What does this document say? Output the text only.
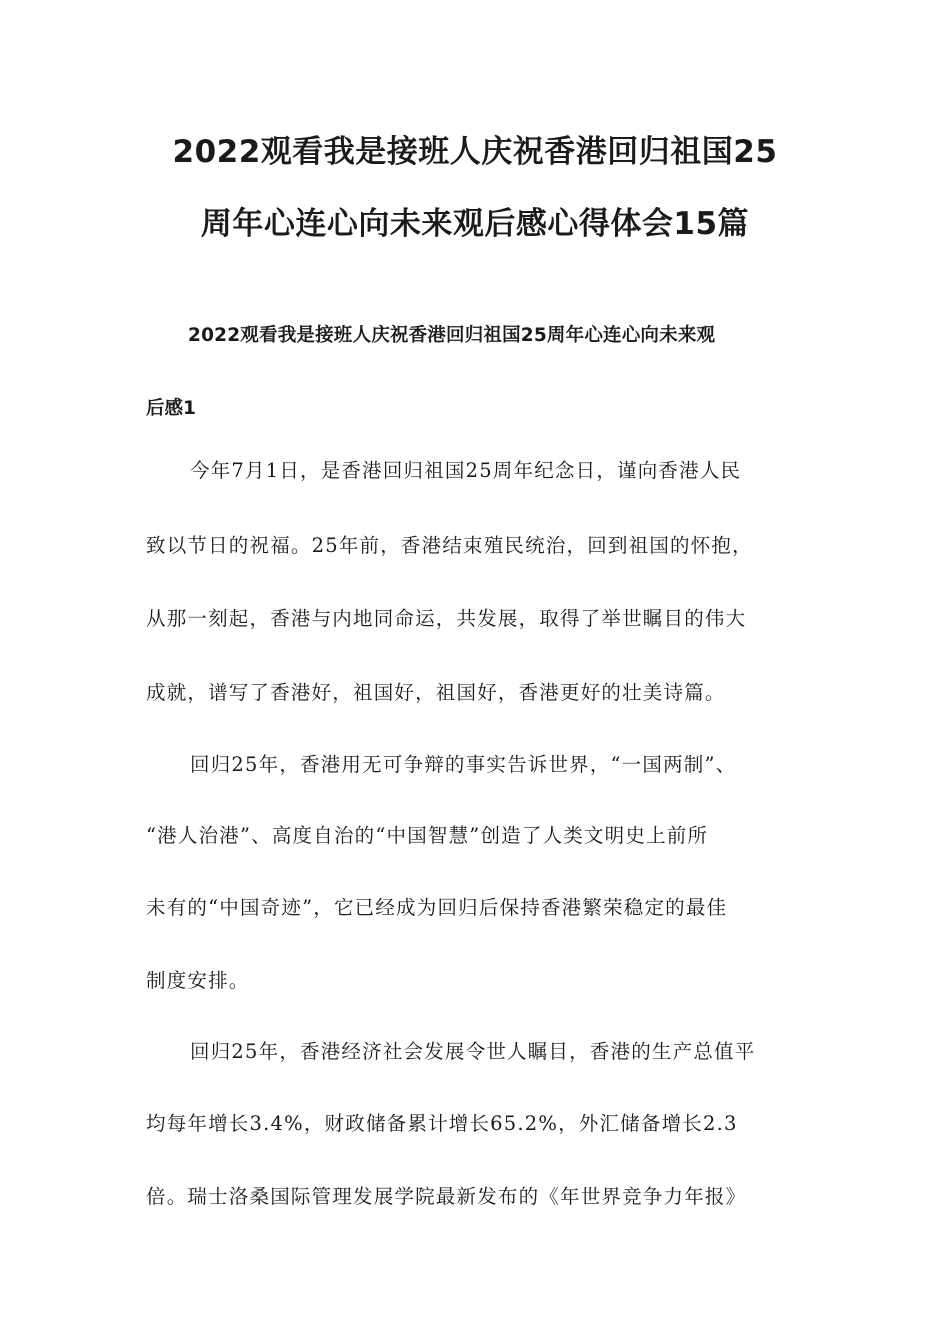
2022观看我是接班人庆祝香港回归祖国25
周年心连心向未来观后感心得体会15篇
2022观看我是接班人庆祝香港回归祖国25周年心连心向未来观
后感1

今年7月1日，是香港回归祖国25周年纪念日，谨向香港人民

致以节日的祝福。25年前，香港结束殖民统治，回到祖国的怀抱，

从那一刻起，香港与内地同命运，共发展，取得了举世瞩目的伟大

成就，谱写了香港好，祖国好，祖国好，香港更好的壮美诗篇。

回归25年，香港用无可争辩的事实告诉世界，“一国两制”、

“港人治港”、高度自治的“中国智慧”创造了人类文明史上前所

未有的“中国奇迹”，它已经成为回归后保持香港繁荣稳定的最佳

制度安排。

回归25年，香港经济社会发展令世人瞩目，香港的生产总值平

均每年增长3.4%，财政储备累计增长65.2%，外汇储备增长2.3

倍。瑞士洛桑国际管理发展学院最新发布的《年世界竞争力年报》
